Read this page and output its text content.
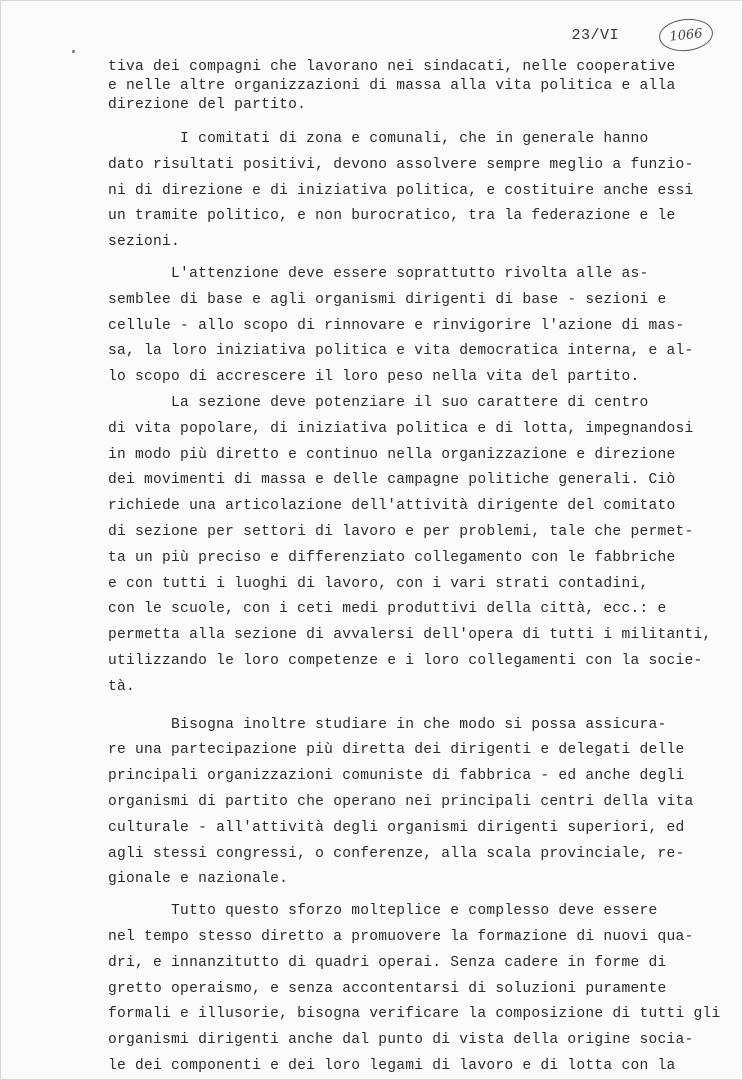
23/VI	1066
tiva dei compagni che lavorano nei sindacati, nelle cooperative
e nelle altre organizzazioni di massa alla vita politica e alla
direzione del partito.
I comitati di zona e comunali, che in generale hanno
dato risultati positivi, devono assolvere sempre meglio a funzio-
ni di direzione e di iniziativa politica, e costituire anche essi
un tramite politico, e non burocratico, tra la federazione e le
sezioni.
L'attenzione deve essere soprattutto rivolta alle as-
semblee di base e agli organismi dirigenti di base - sezioni e
cellule - allo scopo di rinnovare e rinvigorire l'azione di mas-
sa, la loro iniziativa politica e vita democratica interna, e al-
lo scopo di accrescere il loro peso nella vita del partito.
La sezione deve potenziare il suo carattere di centro
di vita popolare, di iniziativa politica e di lotta, impegnandosi
in modo più diretto e continuo nella organizzazione e direzione
dei movimenti di massa e delle campagne politiche generali. Ciò
richiede una articolazione dell'attività dirigente del comitato
di sezione per settori di lavoro e per problemi, tale che permet-
ta un più preciso e differenziato collegamento con le fabbriche
e con tutti i luoghi di lavoro, con i vari strati contadini,
con le scuole, con i ceti medi produttivi della città, ecc.: e
permetta alla sezione di avvalersi dell'opera di tutti i militanti,
utilizzando le loro competenze e i loro collegamenti con la socie-
tà.
Bisogna inoltre studiare in che modo si possa assicura-
re una partecipazione più diretta dei dirigenti e delegati delle
principali organizzazioni comuniste di fabbrica - ed anche degli
organismi di partito che operano nei principali centri della vita
culturale - all'attività degli organismi dirigenti superiori, ed
agli stessi congressi, o conferenze, alla scala provinciale, re-
gionale e nazionale.
Tutto questo sforzo molteplice e complesso deve essere
nel tempo stesso diretto a promuovere la formazione di nuovi qua-
dri, e innanzitutto di quadri operai. Senza cadere in forme di
gretto operaismo, e senza accontentarsi di soluzioni puramente
formali e illusorie, bisogna verificare la composizione di tutti gli
organismi dirigenti anche dal punto di vista della origine socia-
le dei componenti e dei loro legami di lavoro e di lotta con la
